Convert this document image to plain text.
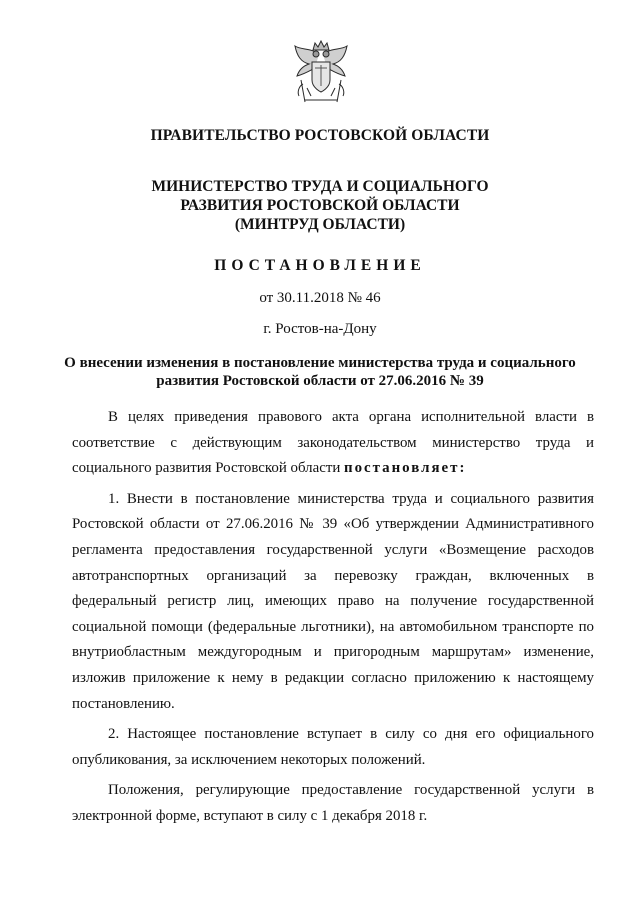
ПРАВИТЕЛЬСТВО РОСТОВСКОЙ ОБЛАСТИ
МИНИСТЕРСТВО ТРУДА И СОЦИАЛЬНОГО
РАЗВИТИЯ РОСТОВСКОЙ ОБЛАСТИ
(МИНТРУД ОБЛАСТИ)
ПОСТАНОВЛЕНИЕ
от 30.11.2018 № 46
г. Ростов-на-Дону
О внесении изменения в постановление министерства труда и социального
развития Ростовской области от 27.06.2016 № 39

В целях приведения правового акта органа исполнительной власти в соответствие с действующим законодательством министерство труда и социального развития Ростовской области постановляет:

1. Внести в постановление министерства труда и социального развития Ростовской области от 27.06.2016 № 39 «Об утверждении Административного регламента предоставления государственной услуги «Возмещение расходов автотранспортных организаций за перевозку граждан, включенных в федеральный регистр лиц, имеющих право на получение государственной социальной помощи (федеральные льготники), на автомобильном транспорте по внутриобластным междугородным и пригородным маршрутам» изменение, изложив приложение к нему в редакции согласно приложению к настоящему постановлению.

2. Настоящее постановление вступает в силу со дня его официального опубликования, за исключением некоторых положений.

Положения, регулирующие предоставление государственной услуги в электронной форме, вступают в силу с 1 декабря 2018 г.
